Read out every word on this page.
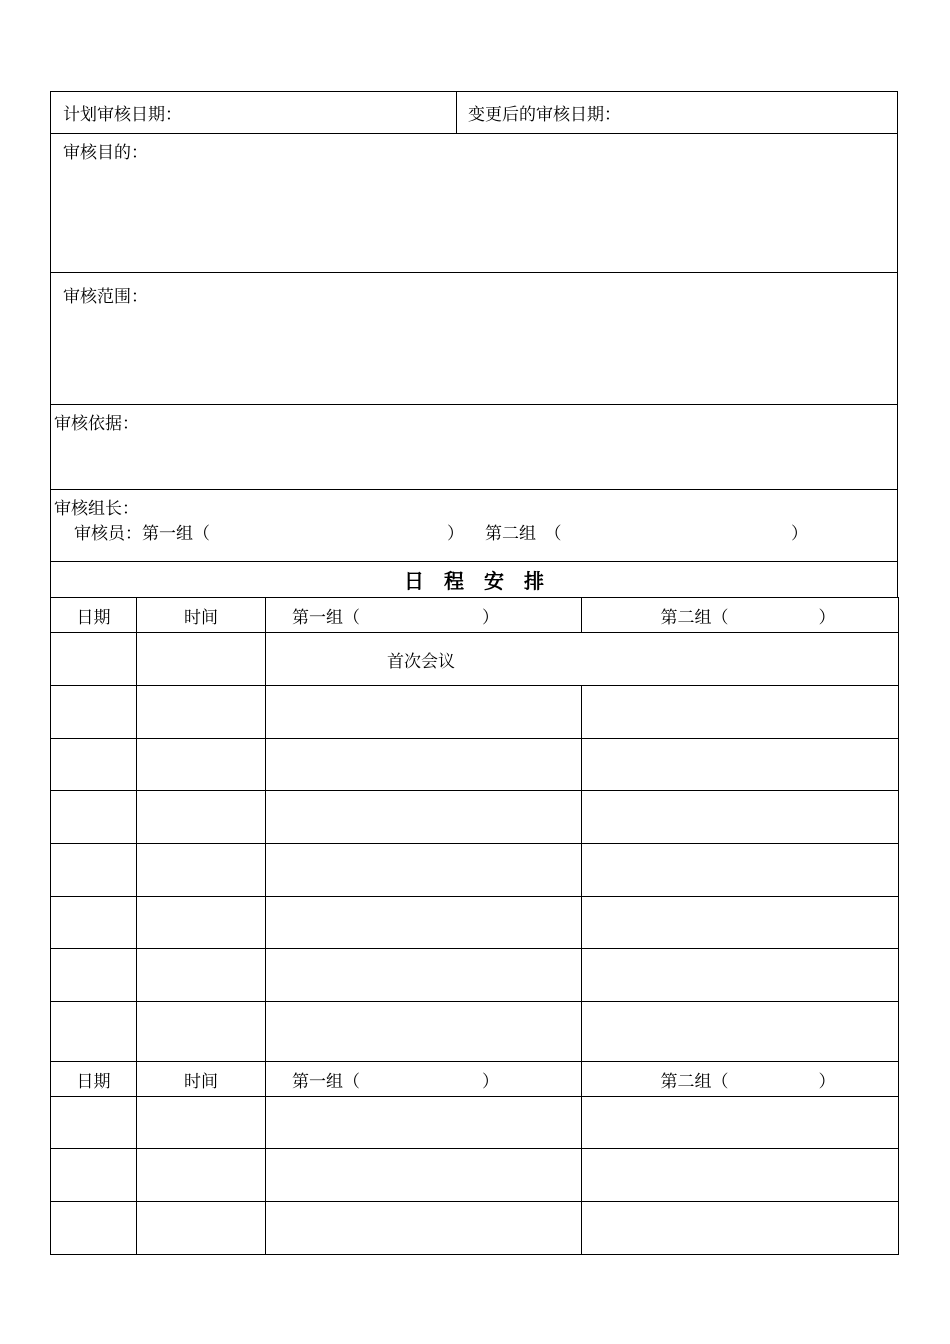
计划审核日期：	变更后的审核日期：
审核目的：
审核范围：
审核依据：
审核组长：
审核员：第一组（	） 第二组　（	）
日　程　安　排
日期	时间	第一组（ ）	第二组（ ）
		首次会议	

日期	时间	第一组（ ）	第二组（ ）
